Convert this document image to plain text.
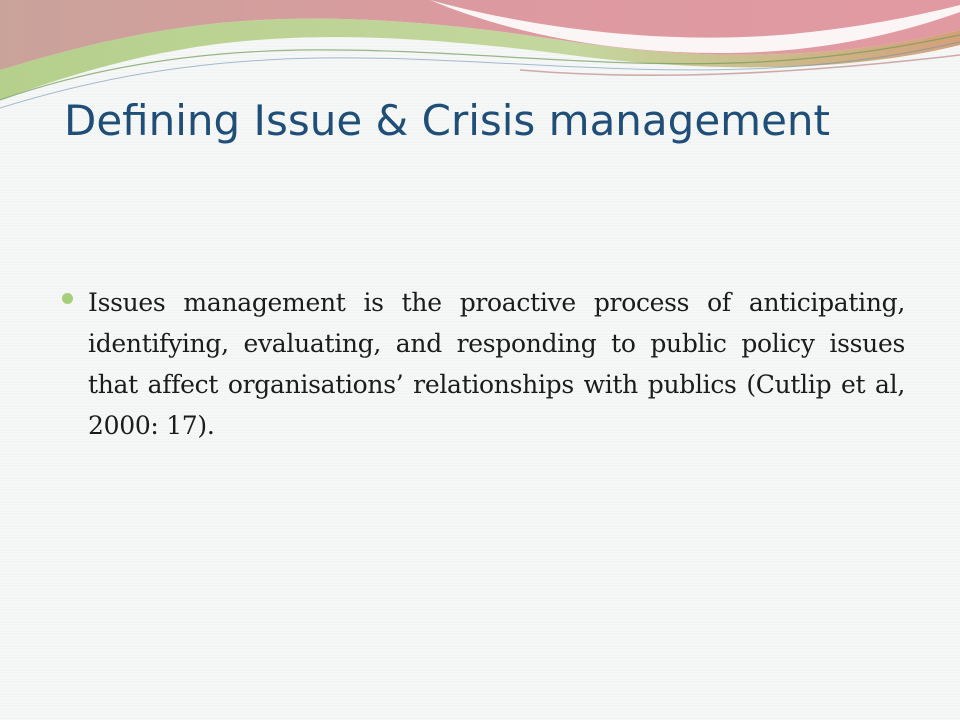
Defining Issue & Crisis management

Issues management is the proactive process of anticipating, identifying, evaluating, and responding to public policy issues that affect organisations’ relationships with publics (Cutlip et al, 2000: 17).
